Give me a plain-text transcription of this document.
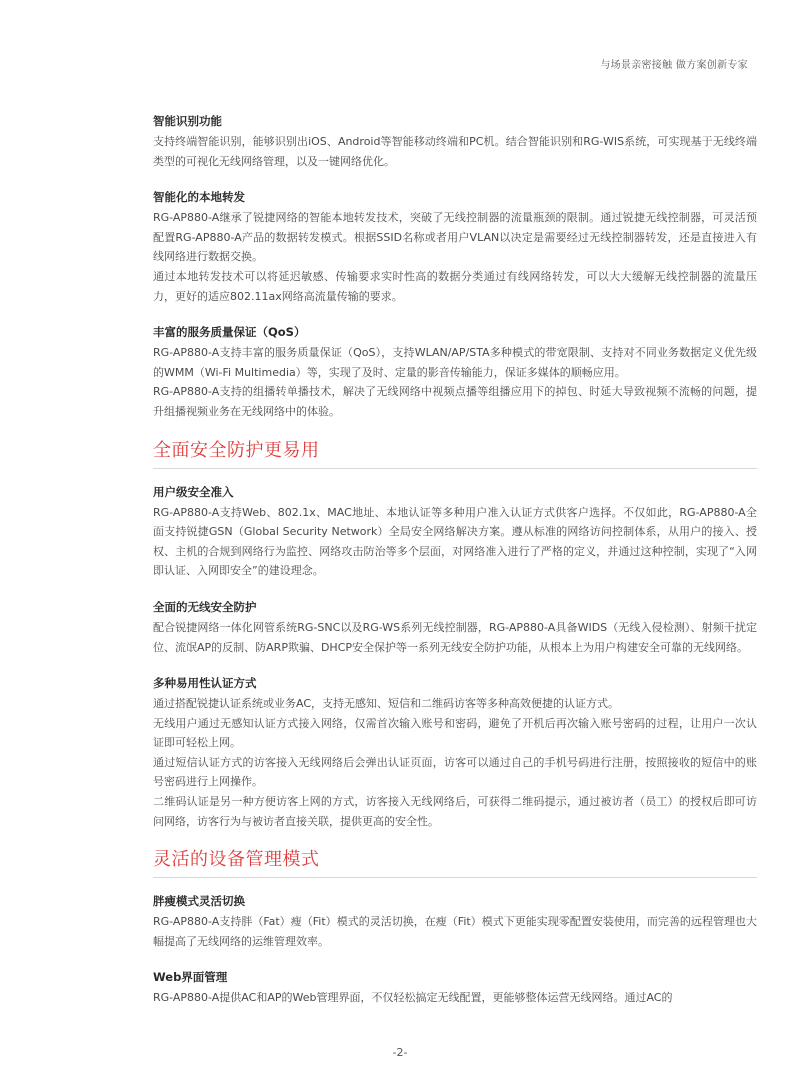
与场景亲密接触 做方案创新专家
智能识别功能

支持终端智能识别，能够识别出iOS、Android等智能移动终端和PC机。结合智能识别和RG-WIS系统，可实现基于无线终端类型的可视化无线网络管理，以及一键网络优化。

智能化的本地转发

RG-AP880-A继承了锐捷网络的智能本地转发技术，突破了无线控制器的流量瓶颈的限制。通过锐捷无线控制器，可灵活预配置RG-AP880-A产品的数据转发模式。根据SSID名称或者用户VLAN以决定是需要经过无线控制器转发，还是直接进入有线网络进行数据交换。

通过本地转发技术可以将延迟敏感、传输要求实时性高的数据分类通过有线网络转发，可以大大缓解无线控制器的流量压力，更好的适应802.11ax网络高流量传输的要求。

丰富的服务质量保证（QoS）

RG-AP880-A支持丰富的服务质量保证（QoS），支持WLAN/AP/STA多种模式的带宽限制、支持对不同业务数据定义优先级的WMM（Wi-Fi Multimedia）等，实现了及时、定量的影音传输能力，保证多媒体的顺畅应用。

RG-AP880-A支持的组播转单播技术，解决了无线网络中视频点播等组播应用下的掉包、时延大导致视频不流畅的问题，提升组播视频业务在无线网络中的体验。

全面安全防护更易用
用户级安全准入

RG-AP880-A支持Web、802.1x、MAC地址、本地认证等多种用户准入认证方式供客户选择。不仅如此，RG-AP880-A全面支持锐捷GSN（Global Security Network）全局安全网络解决方案。遵从标准的网络访问控制体系，从用户的接入、授权、主机的合规到网络行为监控、网络攻击防治等多个层面，对网络准入进行了严格的定义，并通过这种控制，实现了“入网即认证、入网即安全”的建设理念。

全面的无线安全防护

配合锐捷网络一体化网管系统RG-SNC以及RG-WS系列无线控制器，RG-AP880-A具备WIDS（无线入侵检测）、射频干扰定位、流氓AP的反制、防ARP欺骗、DHCP安全保护等一系列无线安全防护功能，从根本上为用户构建安全可靠的无线网络。

多种易用性认证方式

通过搭配锐捷认证系统或业务AC，支持无感知、短信和二维码访客等多种高效便捷的认证方式。

无线用户通过无感知认证方式接入网络，仅需首次输入账号和密码，避免了开机后再次输入账号密码的过程，让用户一次认证即可轻松上网。

通过短信认证方式的访客接入无线网络后会弹出认证页面，访客可以通过自己的手机号码进行注册，按照接收的短信中的账号密码进行上网操作。

二维码认证是另一种方便访客上网的方式，访客接入无线网络后，可获得二维码提示，通过被访者（员工）的授权后即可访问网络，访客行为与被访者直接关联，提供更高的安全性。

灵活的设备管理模式
胖瘦模式灵活切换

RG-AP880-A支持胖（Fat）瘦（Fit）模式的灵活切换，在瘦（Fit）模式下更能实现零配置安装使用，而完善的远程管理也大幅提高了无线网络的运维管理效率。

Web界面管理

RG-AP880-A提供AC和AP的Web管理界面，不仅轻松搞定无线配置，更能够整体运营无线网络。通过AC的

-2-
